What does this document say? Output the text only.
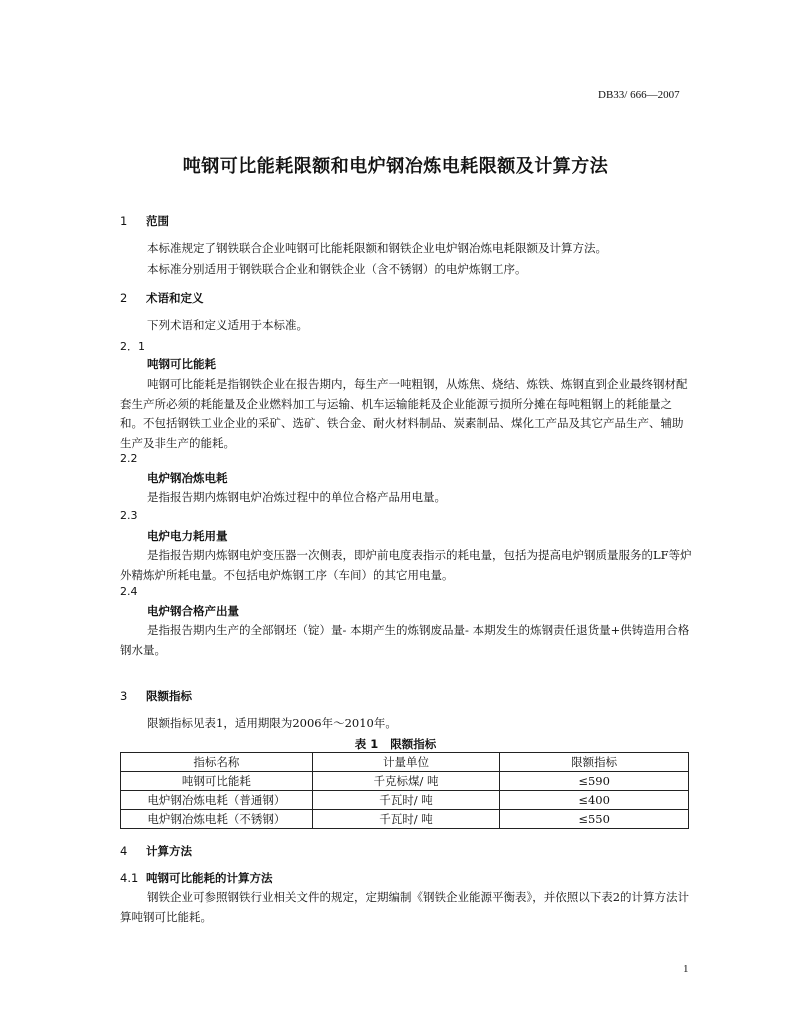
DB33/ 666—2007
吨钢可比能耗限额和电炉钢冶炼电耗限额及计算方法
1 范围
本标准规定了钢铁联合企业吨钢可比能耗限额和钢铁企业电炉钢冶炼电耗限额及计算方法。
本标准分别适用于钢铁联合企业和钢铁企业（含不锈钢）的电炉炼钢工序。
2 术语和定义
下列术语和定义适用于本标准。
2．1
吨钢可比能耗
吨钢可比能耗是指钢铁企业在报告期内，每生产一吨粗钢，从炼焦、烧结、炼铁、炼钢直到企业最终钢材配套生产所必须的耗能量及企业燃料加工与运输、机车运输能耗及企业能源亏损所分摊在每吨粗钢上的耗能量之和。不包括钢铁工业企业的采矿、选矿、铁合金、耐火材料制品、炭素制品、煤化工产品及其它产品生产、辅助生产及非生产的能耗。
2.2
电炉钢冶炼电耗
是指报告期内炼钢电炉冶炼过程中的单位合格产品用电量。
2.3
电炉电力耗用量
是指报告期内炼钢电炉变压器一次侧表，即炉前电度表指示的耗电量，包括为提高电炉钢质量服务的LF等炉外精炼炉所耗电量。不包括电炉炼钢工序（车间）的其它用电量。
2.4
电炉钢合格产出量
是指报告期内生产的全部钢坯（锭）量- 本期产生的炼钢废品量- 本期发生的炼钢责任退货量+供铸造用合格钢水量。
3 限额指标
限额指标见表1，适用期限为2006年～2010年。
表 1 限额指标
指标名称	计量单位	限额指标
吨钢可比能耗	千克标煤/ 吨	≤590
电炉钢冶炼电耗（普通钢）	千瓦时/ 吨	≤400
电炉钢冶炼电耗（不锈钢）	千瓦时/ 吨	≤550
4 计算方法
4.1 吨钢可比能耗的计算方法
钢铁企业可参照钢铁行业相关文件的规定，定期编制《钢铁企业能源平衡表》，并依照以下表2的计算方法计算吨钢可比能耗。
1
